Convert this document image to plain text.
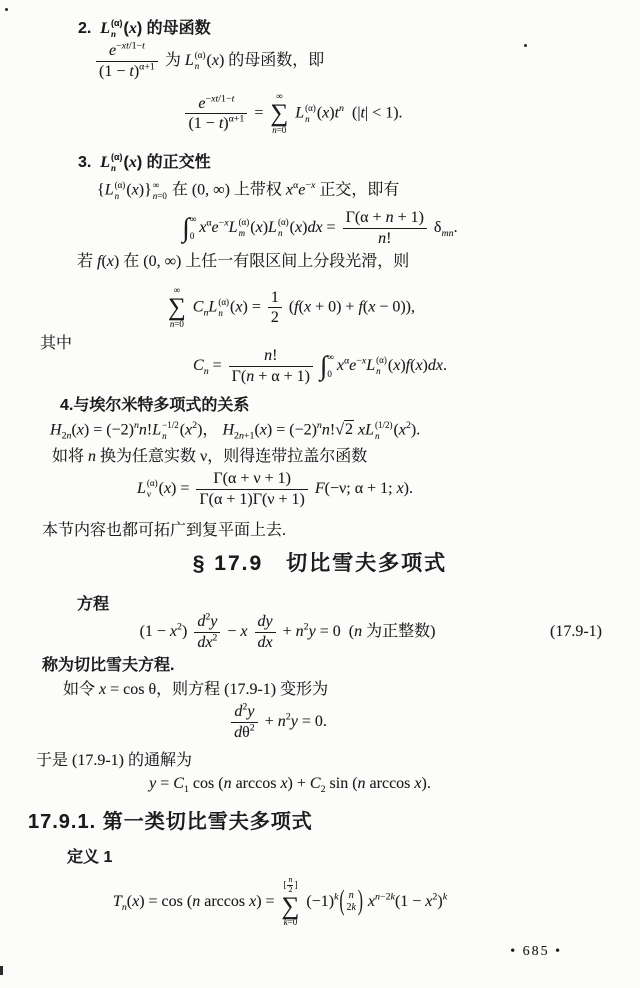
2.  L (α)
n (x) 的母函数
$\frac{e^{-xt/1-t}}{(1 - t)^{\alpha+1}}$ 为 L (α)
n (x) 的母函数，即
$\frac{e^{-xt/1-t}}{(1 - t)^{\alpha+1}}$ =
∞
∑
n=0
L (α)
n $(x)t^n$  (|t| < 1).
3.  L (α)
n (x) 的正交性
{L (α)
n (x)} ∞
n=0 在 (0, ∞) 上带权 $x^\alpha e^{-x}$ 正交，即有
∫ ∞
0
$x^\alpha e^{-x}L$ (α)
m (x)L (α)
n $(x)dx = \frac{\Gamma(\alpha + n + 1)}{n!} \delta_{mn}$.
若 f(x) 在 (0, ∞) 上任一有限区间上分段光滑，则
∞
∑
n=0
$C_nL$ (α)
n $(x) = \frac{1}{2} (f(x + 0) + f(x - 0))$,
其中
$C_n = \frac{n!}{\Gamma(n + \alpha + 1)}$ ∫ ∞
0
$x^\alpha e^{-x}L$ (α)
n (x)f(x)dx.
4.与埃尔米特多项式的关系
$H_{2n}(x) = (-2)^nn!L -1/2$
n $(x^2)$， $H_{2n+1}(x) = (-2)^nn!√2$ xL (1/2)
n $(x^2)$.
如将 n 换为任意实数 ν，则得连带拉盖尔函数
L (α)
ν $(x) = \frac{\Gamma(\alpha + \nu + 1)}{\Gamma(\alpha + 1)\Gamma(\nu + 1)} F(-\nu$; α + 1; x).
本节内容也都可拓广到复平面上去.
§ 17.9　切比雪夫多项式
方程
$(1 - x^2) \frac{d^2y}{dx^2} - x \frac{dy}{dx} + n^2y = 0$  (n 为正整数)	(17.9-1)
称为切比雪夫方程.
如令 x = cos θ，则方程 (17.9-1) 变形为
$\frac{d^2y}{d\theta^2} + n^2y = 0$.
于是 (17.9-1) 的通解为
$y = C_1$ cos (n $\arccos x) + C_2$ sin (n arccos x).
17.9.1. 第一类切比雪夫多项式
定义 1
$T_n(x) = \cos (n$ arccos x) =
[ $\frac{n}{2}$ ]
∑
k=0
$(-1)^k$( n
2k ) $x^{n-2k}(1 - x^2)^k$
• 685 •
